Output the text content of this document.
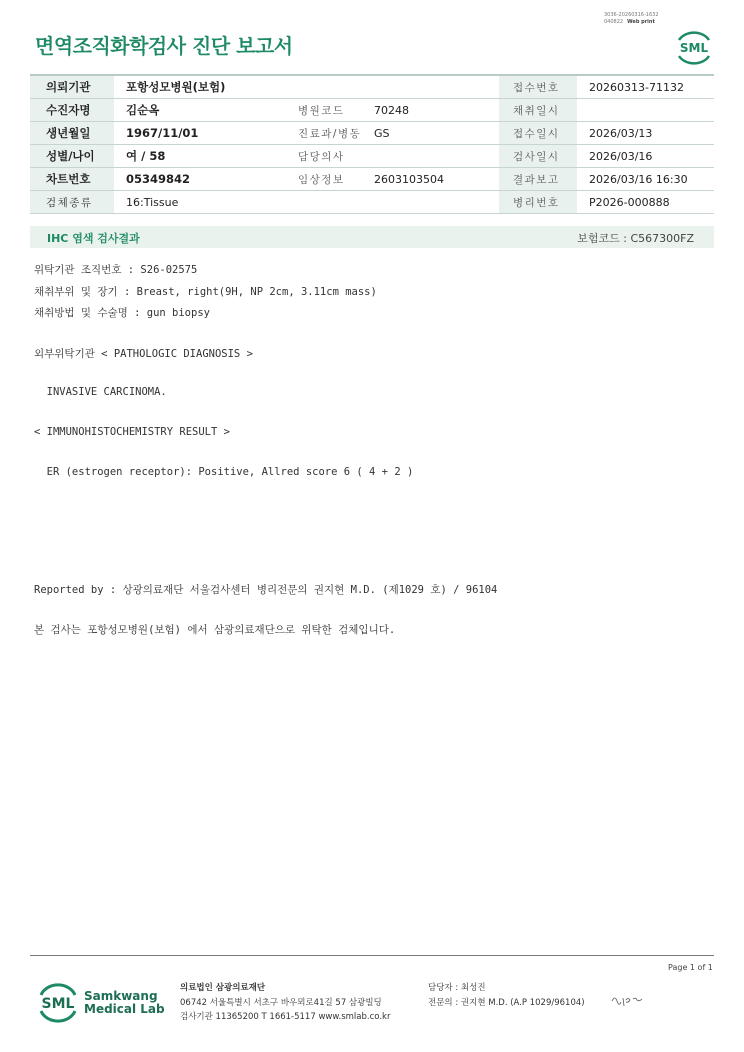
3036-20260316-1632
040822 Web print
면역조직화학검사 진단 보고서	SML
의뢰기관	포항성모병원(보험)			접수번호	20260313-71132
수진자명	김순옥	병원코드	70248	채취일시	
생년월일	1967/11/01	진료과/병동	GS	접수일시	2026/03/13
성별/나이	여 / 58	담당의사		검사일시	2026/03/16
차트번호	05349842	임상정보	2603103504	결과보고	2026/03/16 16:30
검체종류	16:Tissue			병리번호	P2026-000888
IHC 염색 검사결과	보험코드 : C567300FZ
위탁기관 조직번호 : S26-02575
채취부위 및 장기 : Breast, right(9H, NP 2cm, 3.11cm mass)
채취방법 및 수술명 : gun biopsy
외부위탁기관 < PATHOLOGIC DIAGNOSIS >
INVASIVE CARCINOMA.
< IMMUNOHISTOCHEMISTRY RESULT >
ER (estrogen receptor): Positive, Allred score 6 ( 4 + 2 )
Reported by : 상광의료재단 서울검사센터 병리전문의 권지현 M.D. (제1029 호) / 96104
본 검사는 포항성모병원(보험) 에서 삼광의료재단으로 위탁한 검체입니다.
Page 1 of 1
SML Samkwang
Medical Lab
의료법인 삼광의료재단
06742 서울특별시 서초구 바우뫼로41길 57 삼광빌딩
검사기관 11365200 T 1661-5117 www.smlab.co.kr
담당자 : 최성진
전문의 : 권지현 M.D. (A.P 1029/96104)
